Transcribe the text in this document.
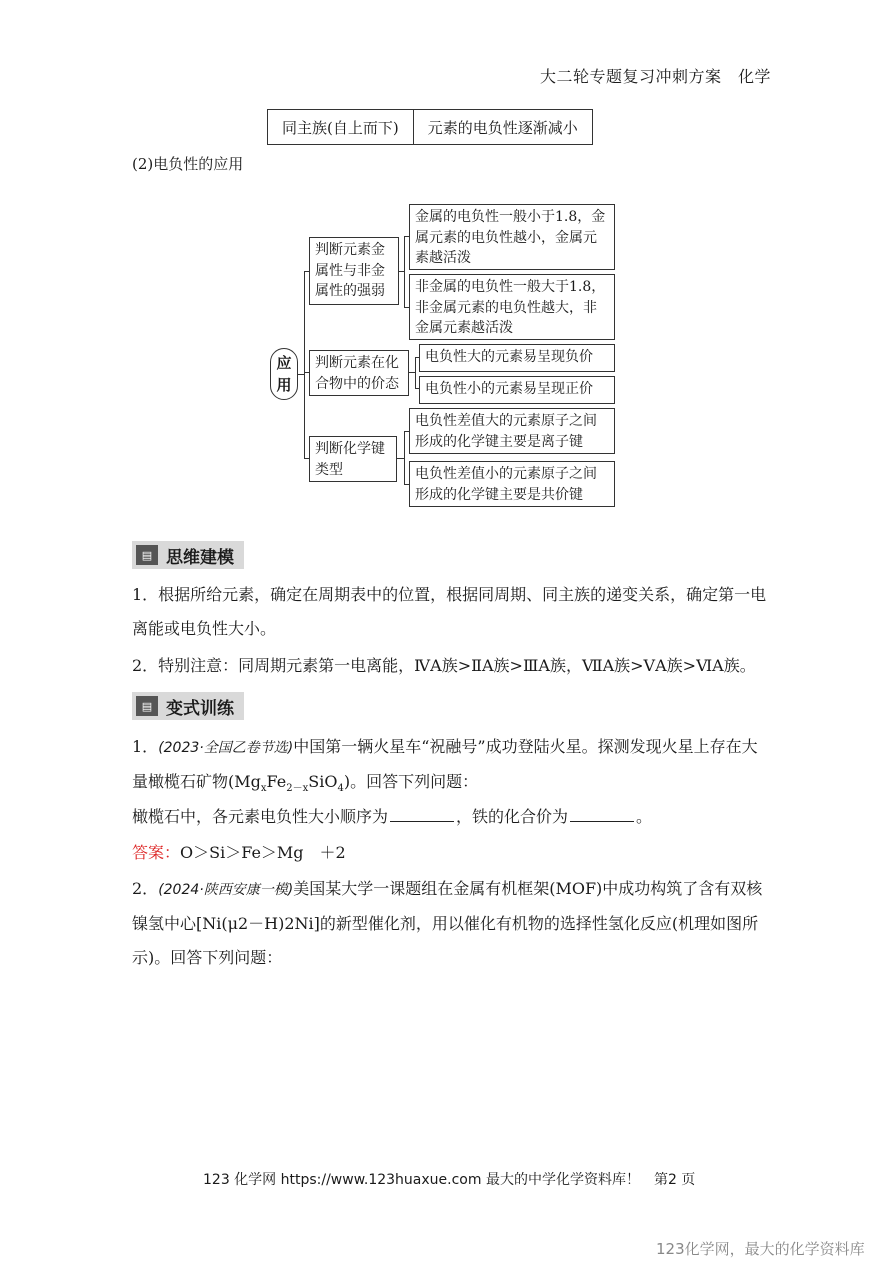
大二轮专题复习冲刺方案　化学
同主族(自上而下)	元素的电负性逐渐减小
(2)电负性的应用
应用
判断元素金属性与非金属性的强弱
判断元素在化合物中的价态
判断化学键类型
金属的电负性一般小于1.8，金属元素的电负性越小，金属元素越活泼
非金属的电负性一般大于1.8，非金属元素的电负性越大，非金属元素越活泼
电负性大的元素易呈现负价
电负性小的元素易呈现正价
电负性差值大的元素原子之间形成的化学键主要是离子键
电负性差值小的元素原子之间形成的化学键主要是共价键
▤ 思维建模
1．根据所给元素，确定在周期表中的位置，根据同周期、同主族的递变关系，确定第一电离能或电负性大小。
2．特别注意：同周期元素第一电离能，ⅣA族>ⅡA族>ⅢA族，ⅦA族>ⅤA族>ⅥA族。
▤ 变式训练
1．(2023·全国乙卷节选)中国第一辆火星车“祝融号”成功登陆火星。探测发现火星上存在大量橄榄石矿物$(Mg_xFe_{2-x}SiO_4)$。回答下列问题：
橄榄石中，各元素电负性大小顺序为	，铁的化合价为	。
答案：O＞Si＞Fe＞Mg　＋2
2．(2024·陕西安康一模)美国某大学一课题组在金属有机框架(MOF)中成功构筑了含有双核镍氢中心[Ni(μ2－H)2Ni]的新型催化剂，用以催化有机物的选择性氢化反应(机理如图所示)。回答下列问题：
123 化学网 https://www.123huaxue.com 最大的中学化学资料库！　第2 页
123化学网，最大的化学资料库
